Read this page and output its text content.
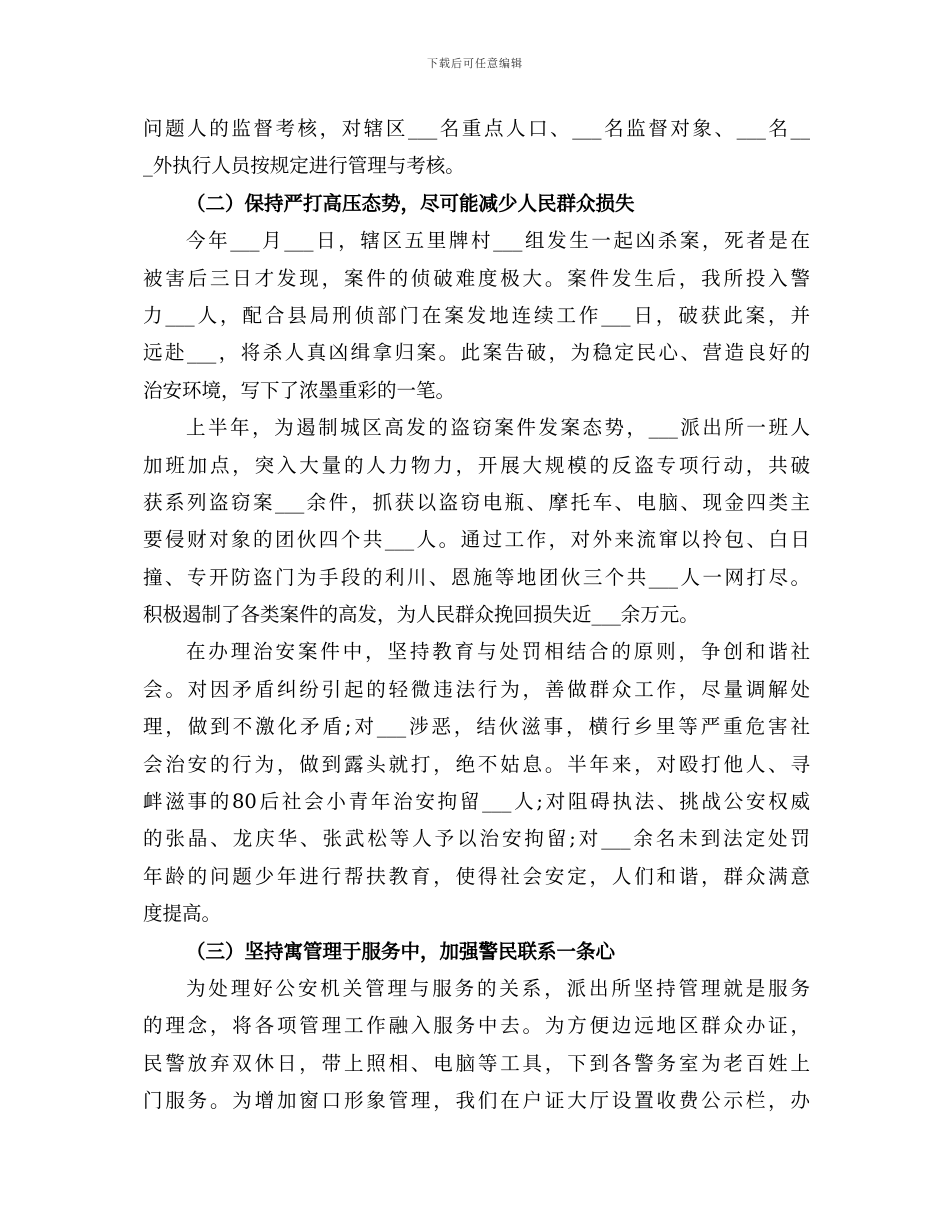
下载后可任意编辑
问题人的监督考核，对辖区___名重点人口、___名监督对象、___名__
_外执行人员按规定进行管理与考核。
（二）保持严打高压态势，尽可能减少人民群众损失
今年___月___日，辖区五里牌村___组发生一起凶杀案，死者是在
被害后三日才发现，案件的侦破难度极大。案件发生后，我所投入警
力___人，配合县局刑侦部门在案发地连续工作___日，破获此案，并
远赴___，将杀人真凶缉拿归案。此案告破，为稳定民心、营造良好的
治安环境，写下了浓墨重彩的一笔。
上半年，为遏制城区高发的盗窃案件发案态势，___派出所一班人
加班加点，突入大量的人力物力，开展大规模的反盗专项行动，共破
获系列盗窃案___余件，抓获以盗窃电瓶、摩托车、电脑、现金四类主
要侵财对象的团伙四个共___人。通过工作，对外来流窜以拎包、白日
撞、专开防盗门为手段的利川、恩施等地团伙三个共___人一网打尽。
积极遏制了各类案件的高发，为人民群众挽回损失近___余万元。
在办理治安案件中，坚持教育与处罚相结合的原则，争创和谐社
会。对因矛盾纠纷引起的轻微违法行为，善做群众工作，尽量调解处
理，做到不激化矛盾;对___涉恶，结伙滋事，横行乡里等严重危害社
会治安的行为，做到露头就打，绝不姑息。半年来，对殴打他人、寻
衅滋事的80后社会小青年治安拘留___人;对阻碍执法、挑战公安权威
的张晶、龙庆华、张武松等人予以治安拘留;对___余名未到法定处罚
年龄的问题少年进行帮扶教育，使得社会安定，人们和谐，群众满意
度提高。
（三）坚持寓管理于服务中，加强警民联系一条心
为处理好公安机关管理与服务的关系，派出所坚持管理就是服务
的理念，将各项管理工作融入服务中去。为方便边远地区群众办证，
民警放弃双休日，带上照相、电脑等工具，下到各警务室为老百姓上
门服务。为增加窗口形象管理，我们在户证大厅设置收费公示栏，办
